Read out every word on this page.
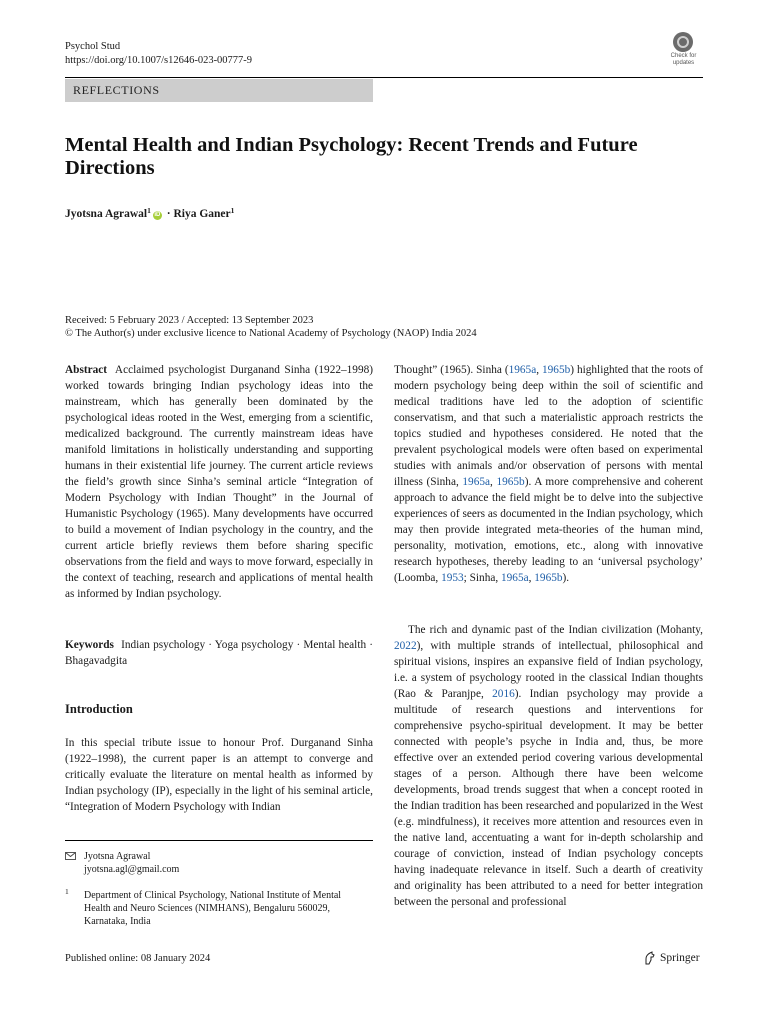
Psychol Stud
https://doi.org/10.1007/s12646-023-00777-9	Check for
updates
REFLECTIONS
Mental Health and Indian Psychology: Recent Trends and Future Directions
Jyotsna Agrawal$^1$ iD · Riya Ganer$^1$
Received: 5 February 2023 / Accepted: 13 September 2023
© The Author(s) under exclusive licence to National Academy of Psychology (NAOP) India 2024
Abstract Acclaimed psychologist Durganand Sinha (1922–1998) worked towards bringing Indian psychology ideas into the mainstream, which has generally been dominated by the psychological ideas rooted in the West, emerging from a scientific, medicalized background. The currently mainstream ideas have manifold limitations in holistically understanding and supporting humans in their existential life journey. The current article reviews the field’s growth since Sinha’s seminal article “Integration of Modern Psychology with Indian Thought” in the Journal of Humanistic Psychology (1965). Many developments have occurred to build a movement of Indian psychology in the country, and the current article briefly reviews them before sharing specific observations from the field and ways to move forward, especially in the context of teaching, research and applications of mental health as informed by Indian psychology.
Keywords Indian psychology · Yoga psychology · Mental health · Bhagavadgita
Introduction
In this special tribute issue to honour Prof. Durganand Sinha (1922–1998), the current paper is an attempt to converge and critically evaluate the literature on mental health as informed by Indian psychology (IP), especially in the light of his seminal article, “Integration of Modern Psychology with Indian
Jyotsna Agrawal
jyotsna.agl@gmail.com
1 Department of Clinical Psychology, National Institute of Mental Health and Neuro Sciences (NIMHANS), Bengaluru 560029, Karnataka, India
Thought” (1965). Sinha (1965a, 1965b) highlighted that the roots of modern psychology being deep within the soil of scientific and medical traditions have led to the adoption of scientific conservatism, and that such a materialistic approach restricts the topics studied and hypotheses considered. He noted that the prevalent psychological models were often based on experimental studies with animals and/or observation of persons with mental illness (Sinha, 1965a, 1965b). A more comprehensive and coherent approach to advance the field might be to delve into the subjective experiences of seers as documented in the Indian psychology, which may then provide integrated meta-theories of the human mind, personality, motivation, emotions, etc., along with innovative research hypotheses, thereby leading to an ‘universal psychology’ (Loomba, 1953; Sinha, 1965a, 1965b).
The rich and dynamic past of the Indian civilization (Mohanty, 2022), with multiple strands of intellectual, philosophical and spiritual visions, inspires an expansive field of Indian psychology, i.e. a system of psychology rooted in the classical Indian thoughts (Rao & Paranjpe, 2016). Indian psychology may provide a multitude of research questions and interventions for comprehensive psycho-spiritual development. It may be better connected with people’s psyche in India and, thus, be more effective over an extended period covering various developmental stages of a person. Although there have been welcome developments, broad trends suggest that when a concept rooted in the Indian tradition has been researched and popularized in the West (e.g. mindfulness), it receives more attention and resources even in the native land, accentuating a want for in-depth scholarship and courage of conviction, instead of Indian psychology concepts having inadequate relevance in itself. Such a dearth of creativity and originality has been attributed to a need for better integration between the personal and professional
Published online: 08 January 2024	Springer
